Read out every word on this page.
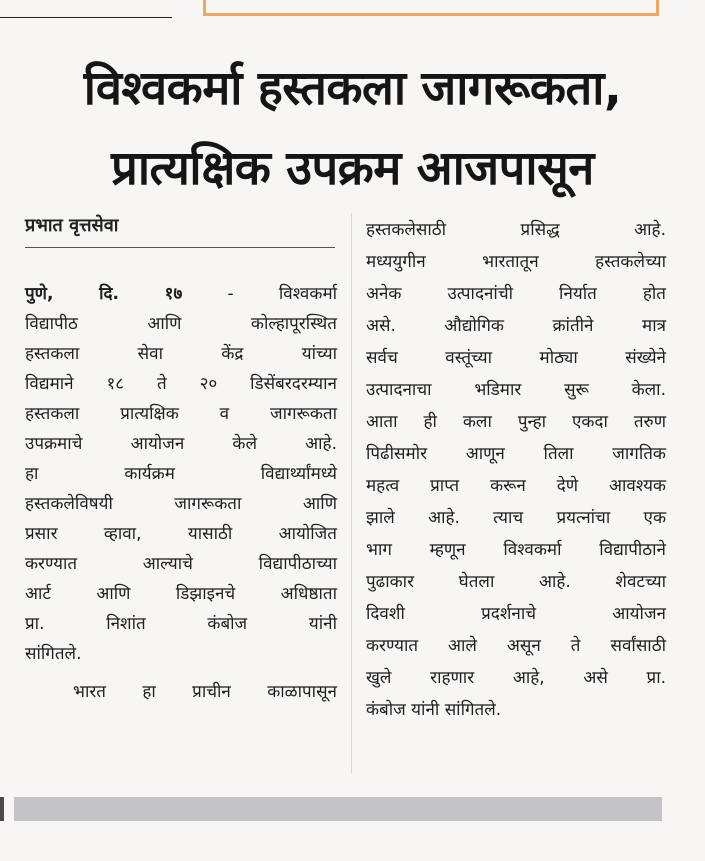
विश्वकर्मा हस्तकला जागरूकता,
प्रात्यक्षिक उपक्रम आजपासून
प्रभात वृत्तसेवा
पुणे, दि. १७	- विश्वकर्मा
विद्यापीठ आणि कोल्हापूरस्थित
हस्तकला सेवा केंद्र यांच्या
विद्यमाने १८ ते २० डिसेंबरदरम्यान
हस्तकला प्रात्यक्षिक व जागरूकता
उपक्रमाचे आयोजन केले आहे.
हा कार्यक्रम विद्यार्थ्यांमध्ये
हस्तकलेविषयी जागरूकता आणि
प्रसार व्हावा, यासाठी आयोजित
करण्यात आल्याचे विद्यापीठाच्या
आर्ट आणि डिझाइनचे अधिष्ठाता
प्रा. निशांत कंबोज यांनी
सांगितले.
भारत हा प्राचीन काळापासून
हस्तकलेसाठी प्रसिद्ध आहे.
मध्ययुगीन भारतातून हस्तकलेच्या
अनेक उत्पादनांची निर्यात होत
असे. औद्योगिक क्रांतीने मात्र
सर्वच वस्तूंच्या मोठ्या संख्येने
उत्पादनाचा भडिमार सुरू केला.
आता ही कला पुन्हा एकदा तरुण
पिढीसमोर आणून तिला जागतिक
महत्व प्राप्त करून देणे आवश्यक
झाले आहे. त्याच प्रयत्नांचा एक
भाग म्हणून विश्वकर्मा विद्यापीठाने
पुढाकार घेतला आहे. शेवटच्या
दिवशी प्रदर्शनाचे आयोजन
करण्यात आले असून ते सर्वांसाठी
खुले राहणार आहे, असे प्रा.
कंबोज यांनी सांगितले.
